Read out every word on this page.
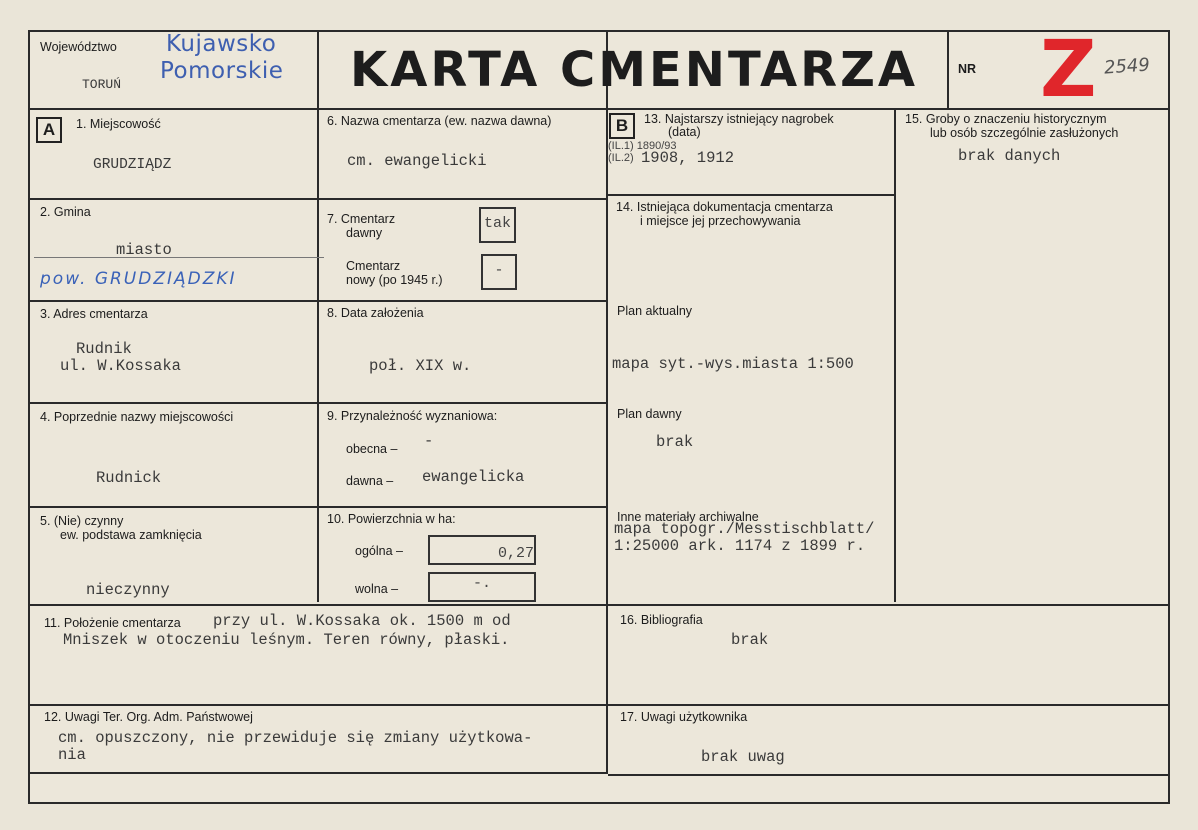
Województwo Kujawsko
Pomorskie
TORUŃ	KARTA CMENTARZA	NR Z 2549
A	1. Miejscowość
GRUDZIĄDZ
2. Gmina
miasto
pow. GRUDZIĄDZKI
3. Adres cmentarza
Rudnik
ul. W.Kossaka
4. Poprzednie nazwy miejscowości
Rudnick
5. (Nie) czynny
ew. podstawa zamknięcia
nieczynny
6. Nazwa cmentarza (ew. nazwa dawna)
cm. ewangelicki
7. Cmentarz
dawny
tak
Cmentarz
nowy (po 1945 r.)
-
8. Data założenia
poł. XIX w.
9. Przynależność wyznaniowa:
obecna – -
dawna – ewangelicka
10. Powierzchnia w ha:
ogólna –	0,27
wolna –	-.
B	13. Najstarszy istniejący nagrobek
(data)
(IL.1) 1890/93
(IL.2) 1908, 1912
14. Istniejąca dokumentacja cmentarza
i miejsce jej przechowywania
Plan aktualny
mapa syt.-wys.miasta 1:500
Plan dawny
brak
Inne materiały archiwalne
mapa topogr./Messtischblatt/
1:25000 ark. 1174 z 1899 r.
15. Groby o znaczeniu historycznym
lub osób szczególnie zasłużonych
brak danych
11. Położenie cmentarza przy ul. W.Kossaka ok. 1500 m od
Mniszek w otoczeniu leśnym. Teren równy, płaski.
16. Bibliografia
brak
12. Uwagi Ter. Org. Adm. Państwowej
cm. opuszczony, nie przewiduje się zmiany użytkowa-
nia
17. Uwagi użytkownika
brak uwag
